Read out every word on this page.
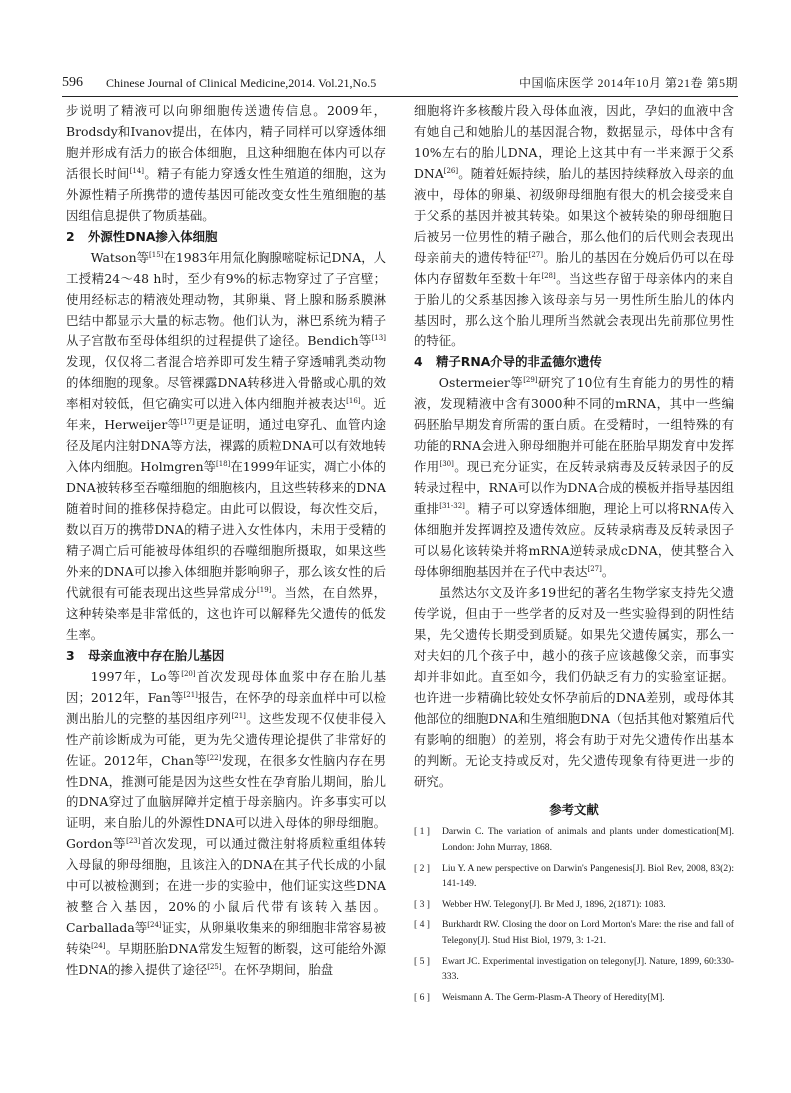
596 Chinese Journal of Clinical Medicine,2014. Vol.21,No.5	中国临床医学 2014年10月 第21卷 第5期

步说明了精液可以向卵细胞传送遗传信息。2009年，Brodsdy和Ivanov提出，在体内，精子同样可以穿透体细胞并形成有活力的嵌合体细胞，且这种细胞在体内可以存活很长时间[14]。精子有能力穿透女性生殖道的细胞，这为外源性精子所携带的遗传基因可能改变女性生殖细胞的基因组信息提供了物质基础。

2 外源性DNA掺入体细胞

Watson等[15]在1983年用氚化胸腺嘧啶标记DNA，人工授精24～48 h时，至少有9%的标志物穿过了子宫壁；使用经标志的精液处理动物，其卵巢、肾上腺和肠系膜淋巴结中都显示大量的标志物。他们认为，淋巴系统为精子从子宫散布至母体组织的过程提供了途径。Bendich等[13]发现，仅仅将二者混合培养即可发生精子穿透哺乳类动物的体细胞的现象。尽管裸露DNA转移进入骨骼或心肌的效率相对较低，但它确实可以进入体内细胞并被表达[16]。近年来，Herweijer等[17]更是证明，通过电穿孔、血管内途径及尾内注射DNA等方法，裸露的质粒DNA可以有效地转入体内细胞。Holmgren等[18]在1999年证实，凋亡小体的DNA被转移至吞噬细胞的细胞核内，且这些转移来的DNA随着时间的推移保持稳定。由此可以假设，每次性交后，数以百万的携带DNA的精子进入女性体内，未用于受精的精子凋亡后可能被母体组织的吞噬细胞所摄取，如果这些外来的DNA可以掺入体细胞并影响卵子，那么该女性的后代就很有可能表现出这些异常成分[19]。当然，在自然界，这种转染率是非常低的，这也许可以解释先父遗传的低发生率。

3 母亲血液中存在胎儿基因

1997年，Lo等[20]首次发现母体血浆中存在胎儿基因；2012年，Fan等[21]报告，在怀孕的母亲血样中可以检测出胎儿的完整的基因组序列[21]。这些发现不仅使非侵入性产前诊断成为可能，更为先父遗传理论提供了非常好的佐证。2012年，Chan等[22]发现，在很多女性脑内存在男性DNA，推测可能是因为这些女性在孕育胎儿期间，胎儿的DNA穿过了血脑屏障并定植于母亲脑内。许多事实可以证明，来自胎儿的外源性DNA可以进入母体的卵母细胞。Gordon等[23]首次发现，可以通过微注射将质粒重组体转入母鼠的卵母细胞，且该注入的DNA在其子代长成的小鼠中可以被检测到；在进一步的实验中，他们证实这些DNA被整合入基因，20%的小鼠后代带有该转入基因。Carballada等[24]证实，从卵巢收集来的卵细胞非常容易被转染[24]。早期胚胎DNA常发生短暂的断裂，这可能给外源性DNA的掺入提供了途径[25]。在怀孕期间，胎盘

细胞将许多核酸片段入母体血液，因此，孕妇的血液中含有她自己和她胎儿的基因混合物，数据显示，母体中含有10%左右的胎儿DNA，理论上这其中有一半来源于父系DNA[26]。随着妊娠持续，胎儿的基因持续释放入母亲的血液中，母体的卵巢、初级卵母细胞有很大的机会接受来自于父系的基因并被其转染。如果这个被转染的卵母细胞日后被另一位男性的精子融合，那么他们的后代则会表现出母亲前夫的遗传特征[27]。胎儿的基因在分娩后仍可以在母体内存留数年至数十年[28]。当这些存留于母亲体内的来自于胎儿的父系基因掺入该母亲与另一男性所生胎儿的体内基因时，那么这个胎儿理所当然就会表现出先前那位男性的特征。

4 精子RNA介导的非孟德尔遗传

Ostermeier等[29]研究了10位有生育能力的男性的精液，发现精液中含有3000种不同的mRNA，其中一些编码胚胎早期发育所需的蛋白质。在受精时，一组特殊的有功能的RNA会进入卵母细胞并可能在胚胎早期发育中发挥作用[30]。现已充分证实，在反转录病毒及反转录因子的反转录过程中，RNA可以作为DNA合成的模板并指导基因组重排[31-32]。精子可以穿透体细胞，理论上可以将RNA传入体细胞并发挥调控及遗传效应。反转录病毒及反转录因子可以易化该转染并将mRNA逆转录成cDNA，使其整合入母体卵细胞基因并在子代中表达[27]。

虽然达尔文及许多19世纪的著名生物学家支持先父遗传学说，但由于一些学者的反对及一些实验得到的阴性结果，先父遗传长期受到质疑。如果先父遗传属实，那么一对夫妇的几个孩子中，越小的孩子应该越像父亲，而事实却并非如此。直至如今，我们仍缺乏有力的实验室证据。也许进一步精确比较处女怀孕前后的DNA差别，或母体其他部位的细胞DNA和生殖细胞DNA（包括其他对繁殖后代有影响的细胞）的差别，将会有助于对先父遗传作出基本的判断。无论支持或反对，先父遗传现象有待更进一步的研究。

参考文献
[ 1 ]	Darwin C. The variation of animals and plants under domestication[M]. London: John Murray, 1868.
[ 2 ]	Liu Y. A new perspective on Darwin's Pangenesis[J]. Biol Rev, 2008, 83(2): 141-149.
[ 3 ]	Webber HW. Telegony[J]. Br Med J, 1896, 2(1871): 1083.
[ 4 ]	Burkhardt RW. Closing the door on Lord Morton's Mare: the rise and fall of Telegony[J]. Stud Hist Biol, 1979, 3: 1-21.
[ 5 ]	Ewart JC. Experimental investigation on telegony[J]. Nature, 1899, 60:330-333.
[ 6 ]	Weismann A. The Germ-Plasm-A Theory of Heredity[M].
